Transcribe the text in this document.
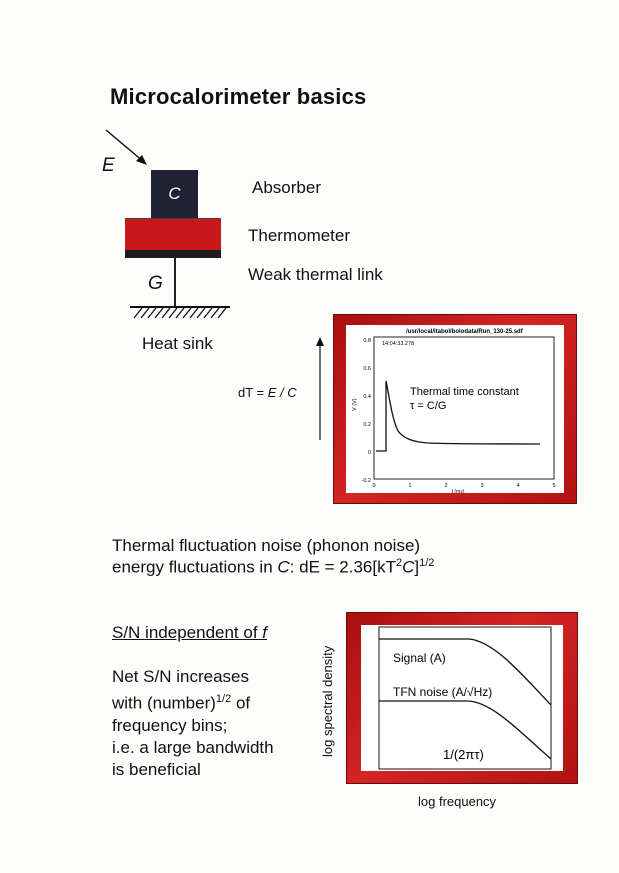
Microcalorimeter basics
E
C
G
Absorber
Thermometer
Weak thermal link
Heat sink
dT = E / C
/usr/local/itabol/bolodata/Run_130-25.sdf
14:04:33.278
0.8
0.6
0.4
0.2
0
-0.2
V (V)
0	1	2	3	4	5
t (ms)
Thermal time constant
τ = C/G
Thermal fluctuation noise (phonon noise)
energy fluctuations in C: dE = $2.36[kT^2C]^{1/2}$
S/N independent of f
Net S/N increases
with (number)$^{1/2}$ of
frequency bins;
i.e. a large bandwidth
is beneficial
log spectral density	Signal (A)
TFN noise (A/√Hz)
1/(2πτ)
log frequency
